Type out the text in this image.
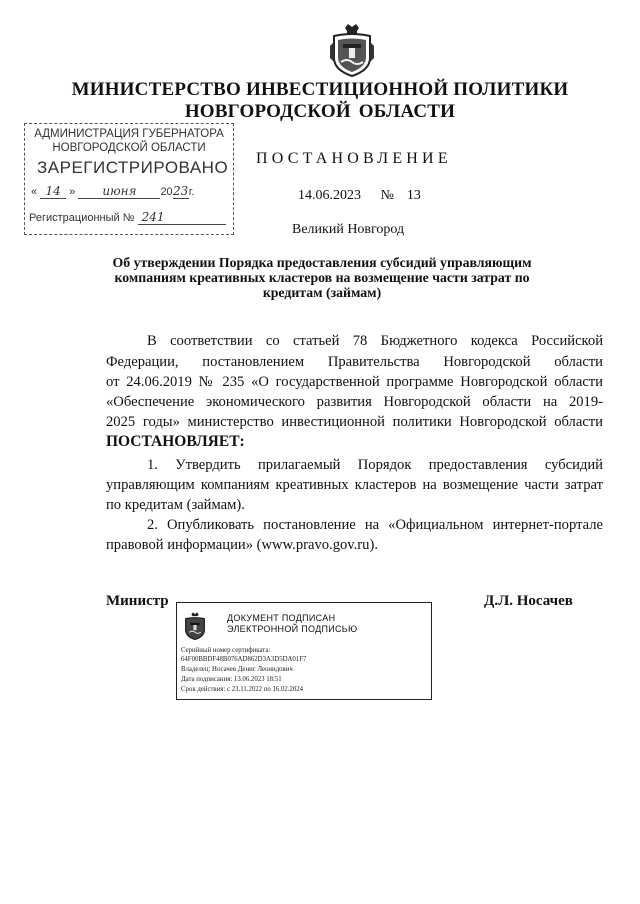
МИНИСТЕРСТВО ИНВЕСТИЦИОННОЙ ПОЛИТИКИ
НОВГОРОДСКОЙ ОБЛАСТИ
АДМИНИСТРАЦИЯ ГУБЕРНАТОРА
НОВГОРОДСКОЙ ОБЛАСТИ
ЗАРЕГИСТРИРОВАНО
« 14 » июня 2023г.
Регистрационный № 241
ПОСТАНОВЛЕНИЕ
14.06.2023 № 13
Великий Новгород
Об утверждении Порядка предоставления субсидий управляющим
компаниям креативных кластеров на возмещение части затрат по
кредитам (займам)
В соответствии со статьей 78 Бюджетного кодекса Российской
Федерации, постановлением Правительства Новгородской области
от 24.06.2019 № 235 «О государственной программе Новгородской области
«Обеспечение экономического развития Новгородской области на 2019-
2025 годы» министерство инвестиционной политики Новгородской области
ПОСТАНОВЛЯЕТ:
1. Утвердить прилагаемый Порядок предоставления субсидий
управляющим компаниям креативных кластеров на возмещение части затрат
по кредитам (займам).
2. Опубликовать постановление на «Официальном интернет-портале
правовой информации» (www.pravo.gov.ru).
Министр	Д.Л. Носачев
ДОКУМЕНТ ПОДПИСАН
ЭЛЕКТРОННОЙ ПОДПИСЬЮ
Серийный номер сертификата:
64F00BBDF48B076AD862D3A3D5DA01F7
Владелец: Носачев Денис Леонидович
Дата подписания: 13.06.2023 18:51
Срок действия: с 23.11.2022 по 16.02.2024
